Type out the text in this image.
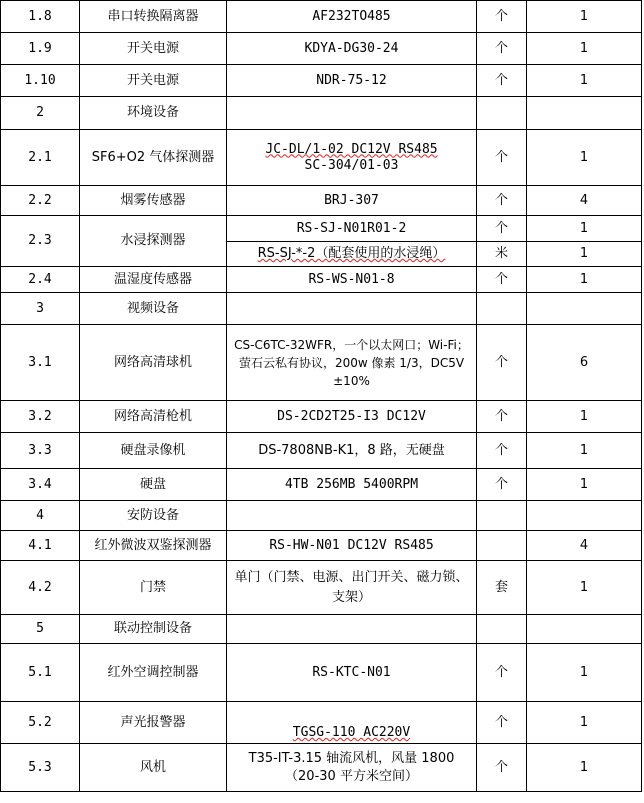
1.8	串口转换隔离器	AF232TO485	个	1
1.9	开关电源	KDYA-DG30-24	个	1
1.10	开关电源	NDR-75-12	个	1
2	环境设备			
2.1	SF6+O2 气体探测器	JC-DL/1-02 DC12V RS485
SC-304/01-03	个	1
2.2	烟雾传感器	BRJ-307	个	4
2.3	水浸探测器	RS-SJ-N01R01-2	个	1
		RS-SJ-*-2（配套使用的水浸绳）	米	1
2.4	温湿度传感器	RS-WS-N01-8	个	1
3	视频设备			
3.1	网络高清球机	CS-C6TC-32WFR，一个以太网口；Wi-Fi；
萤石云私有协议，200w 像素 1/3，DC5V
±10%	个	6
3.2	网络高清枪机	DS-2CD2T25-I3 DC12V	个	1
3.3	硬盘录像机	DS-7808NB-K1，8 路，无硬盘	个	1
3.4	硬盘	4TB 256MB 5400RPM	个	1
4	安防设备			
4.1	红外微波双鉴探测器	RS-HW-N01 DC12V RS485		4
4.2	门禁	单门（门禁、电源、出门开关、磁力锁、
支架）	套	1
5	联动控制设备			
5.1	红外空调控制器	RS-KTC-N01	个	1
5.2	声光报警器	TGSG-110 AC220V	个	1
5.3	风机	T35-IT-3.15 轴流风机，风量 1800
（20-30 平方米空间）	个	1
